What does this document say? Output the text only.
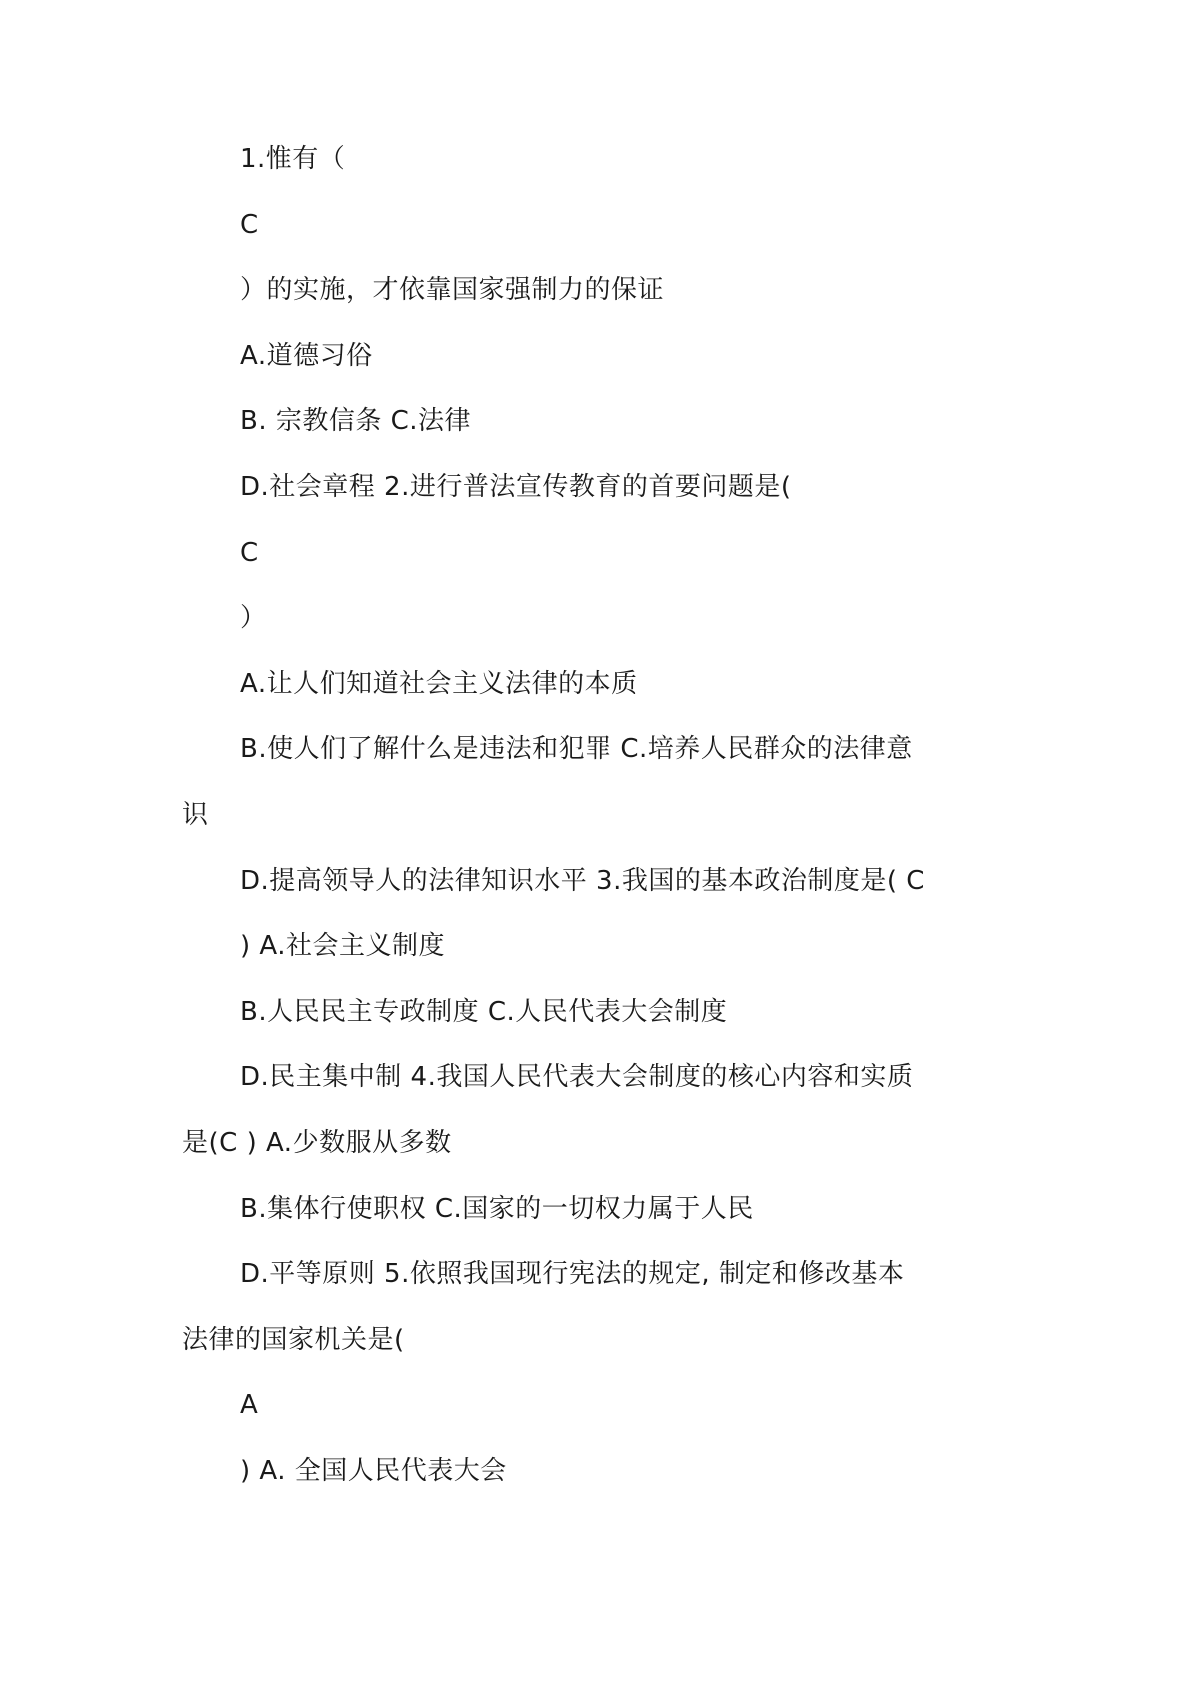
1.惟有（
C
）的实施，才依靠国家强制力的保证
A.道德习俗
B. 宗教信条 C.法律
D.社会章程 2.进行普法宣传教育的首要问题是(
C
）
A.让人们知道社会主义法律的本质
B.使人们了解什么是违法和犯罪 C.培养人民群众的法律意
识
D.提高领导人的法律知识水平 3.我国的基本政治制度是( C
) A.社会主义制度
B.人民民主专政制度 C.人民代表大会制度
D.民主集中制 4.我国人民代表大会制度的核心内容和实质
是(C ) A.少数服从多数
B.集体行使职权 C.国家的一切权力属于人民
D.平等原则 5.依照我国现行宪法的规定, 制定和修改基本
法律的国家机关是(
A
) A. 全国人民代表大会
